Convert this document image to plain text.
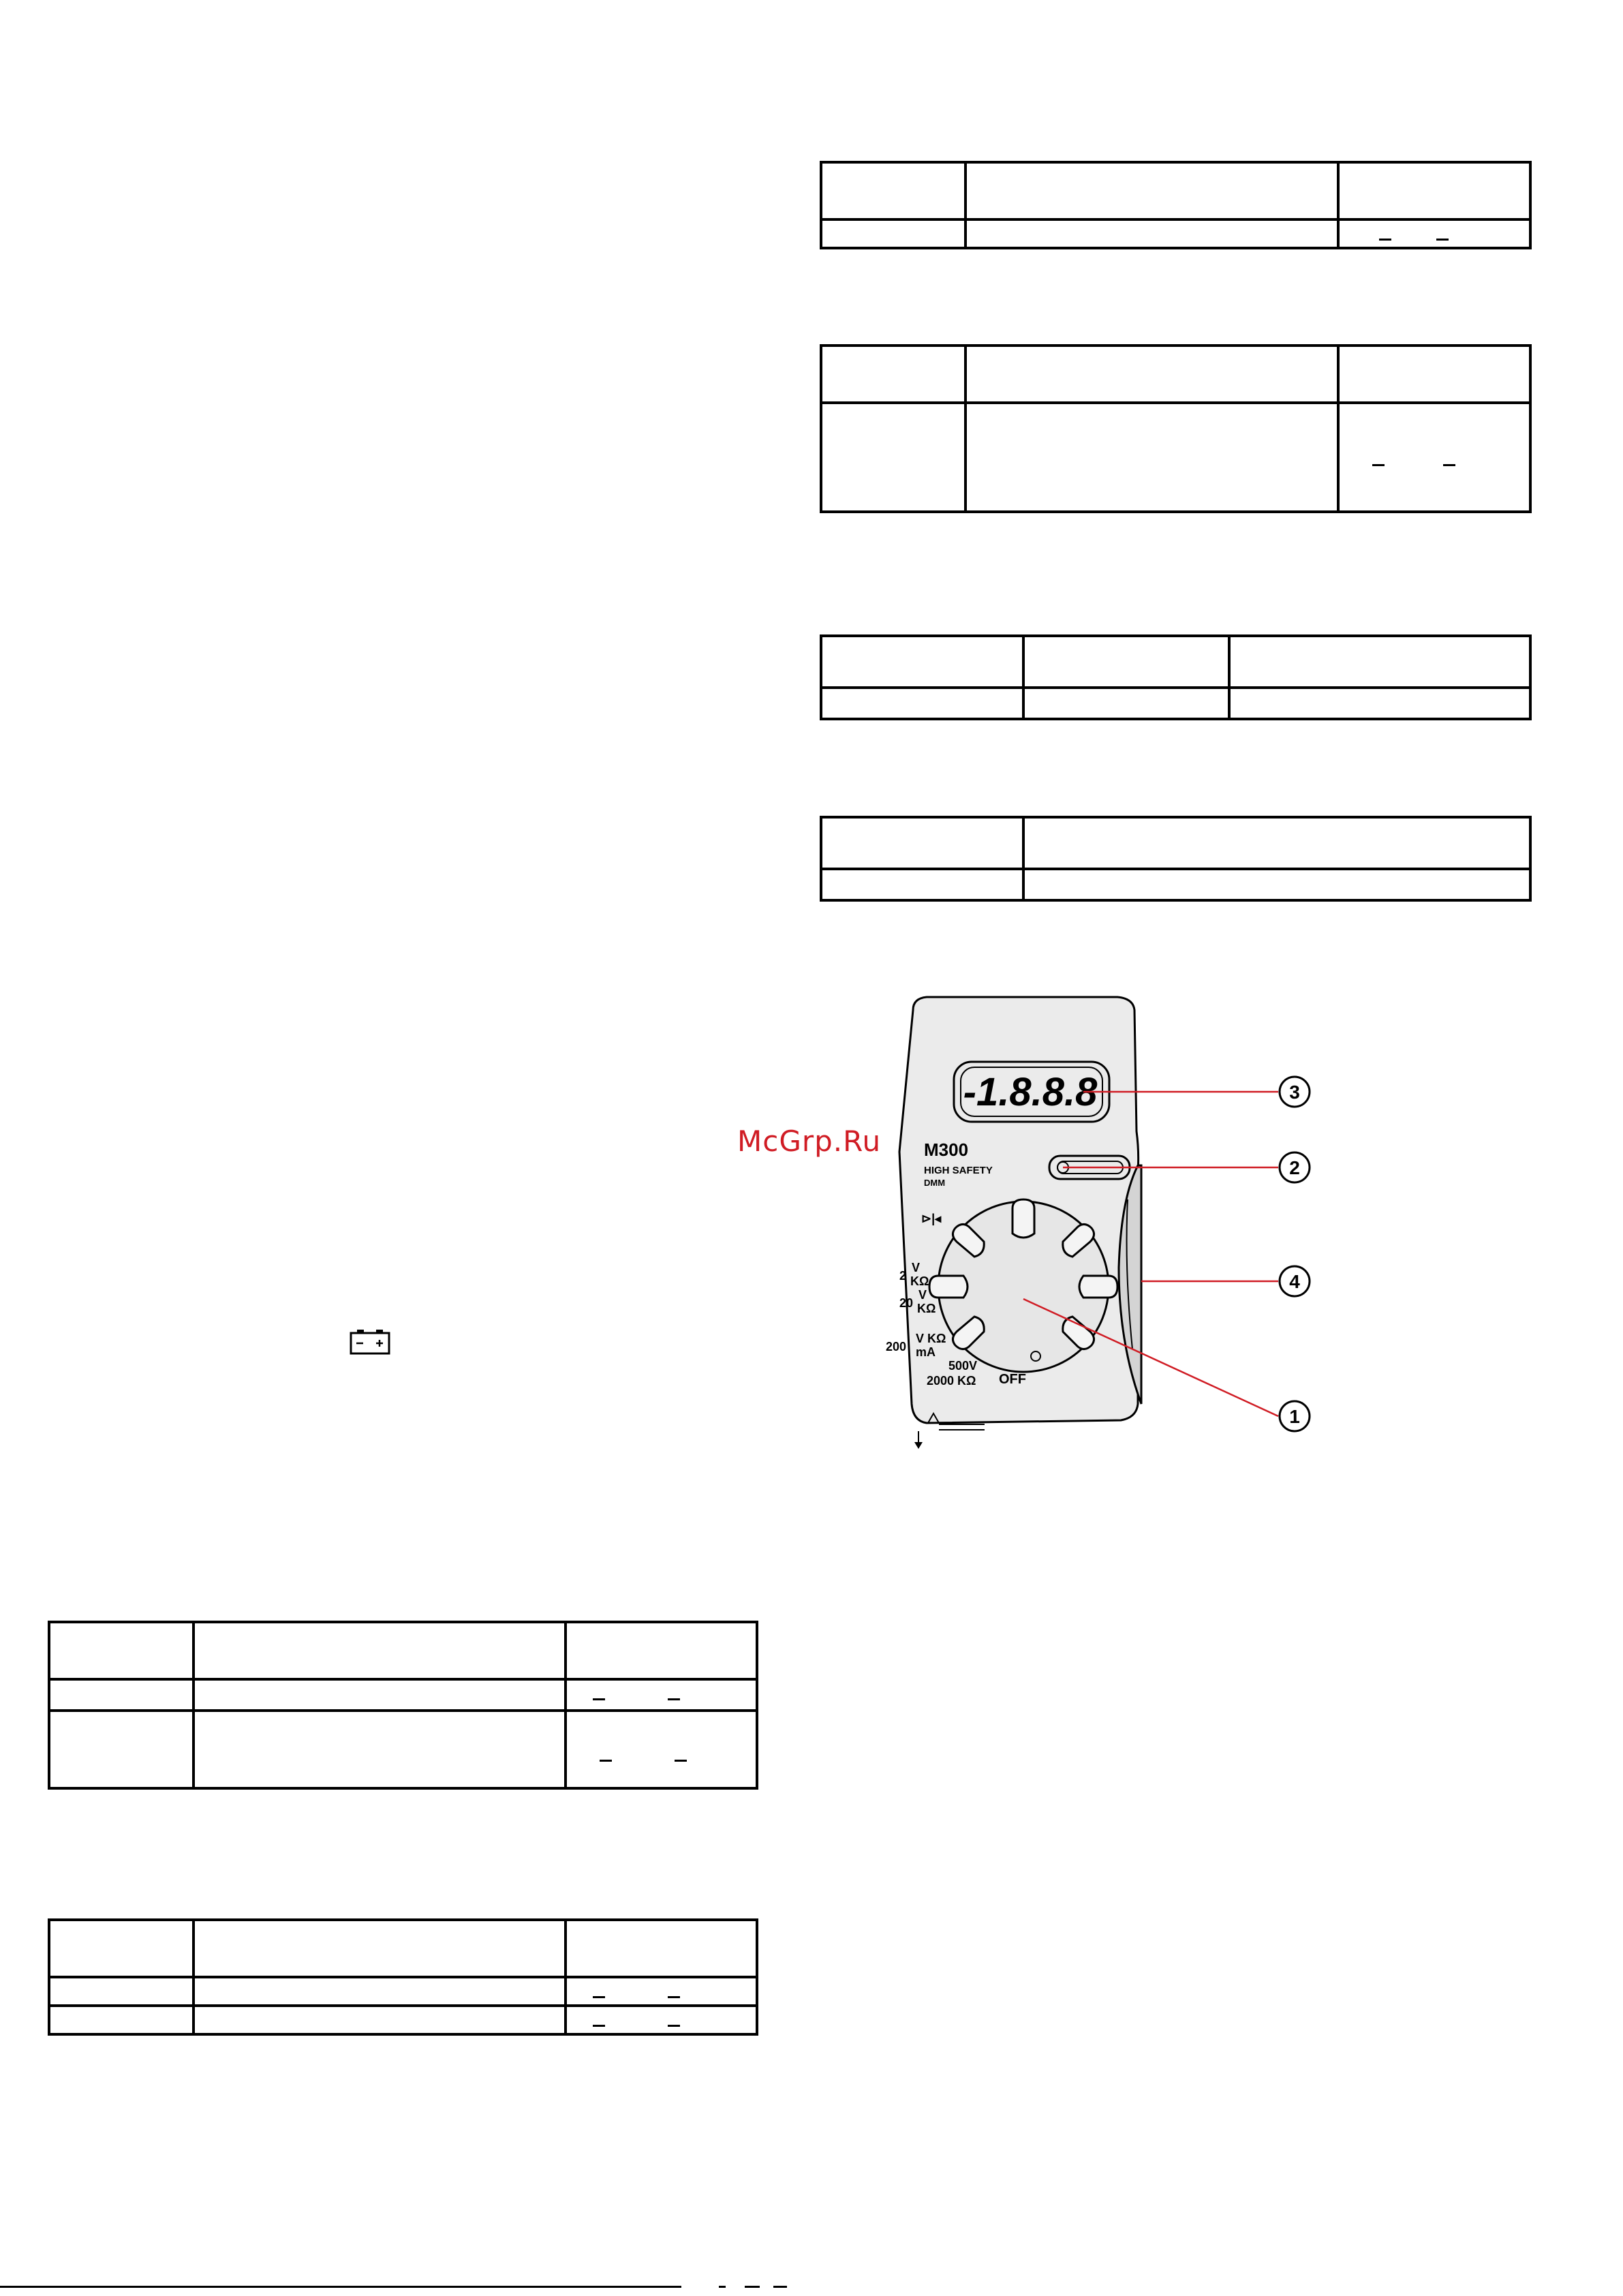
McGrp.Ru
-1.8.8.8
M300
HIGH SAFETY
DMM
⊳|◂
2
V
KΩ
20
V
KΩ
200
V KΩ
mA
500V
2000 KΩ OFF
3
2
4
1
